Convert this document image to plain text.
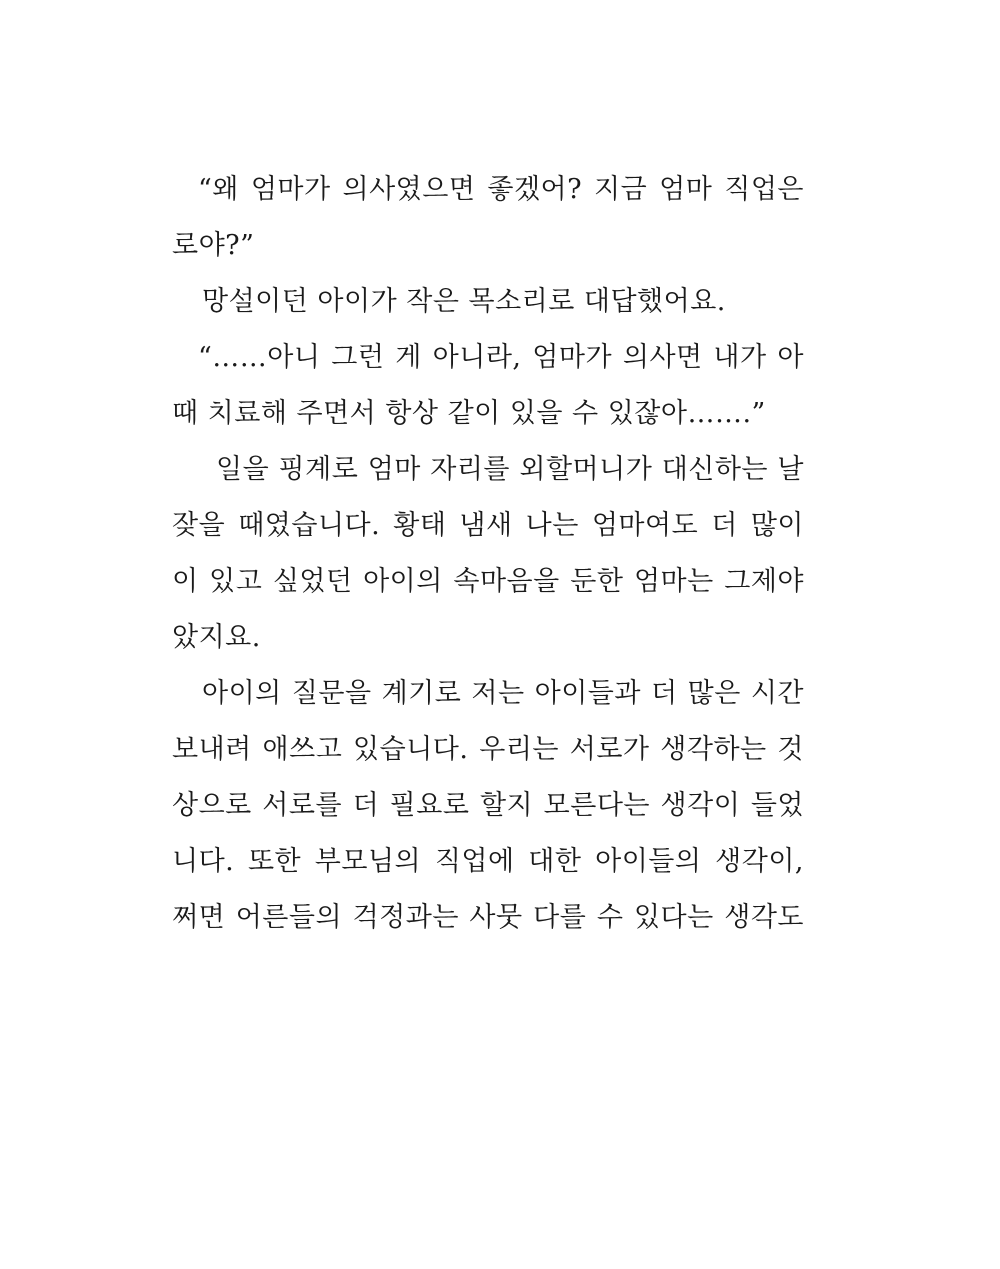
“왜 엄마가 의사였으면 좋겠어? 지금 엄마 직업은
로야?”
망설이던 아이가 작은 목소리로 대답했어요.
“……아니 그런 게 아니라, 엄마가 의사면 내가 아
때 치료해 주면서 항상 같이 있을 수 있잖아…….”
일을 핑계로 엄마 자리를 외할머니가 대신하는 날
잦을 때였습니다. 황태 냄새 나는 엄마여도 더 많이
이 있고 싶었던 아이의 속마음을 둔한 엄마는 그제야
았지요.
아이의 질문을 계기로 저는 아이들과 더 많은 시간
보내려 애쓰고 있습니다. 우리는 서로가 생각하는 것
상으로 서로를 더 필요로 할지 모른다는 생각이 들었
니다. 또한 부모님의 직업에 대한 아이들의 생각이,
쩌면 어른들의 걱정과는 사뭇 다를 수 있다는 생각도
